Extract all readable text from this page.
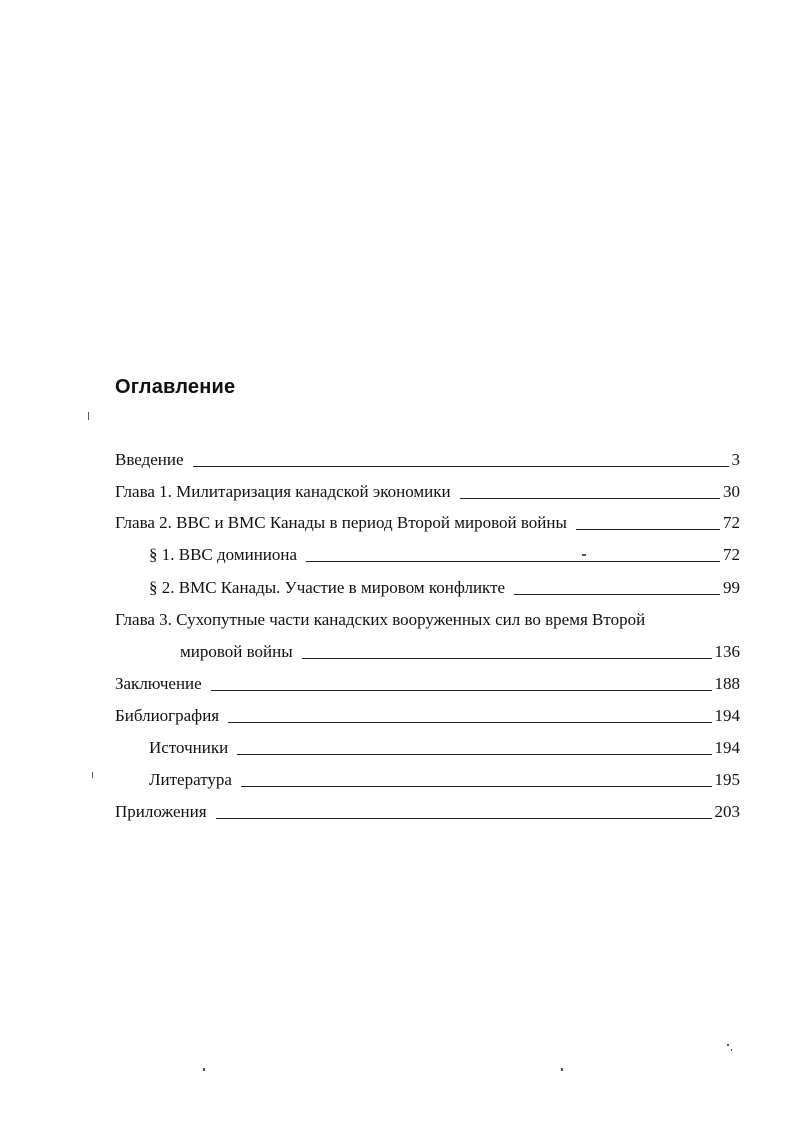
Оглавление
Введение	3
Глава 1. Милитаризация канадской экономики	30
Глава 2. ВВС и ВМС Канады в период Второй мировой войны	72
§ 1. ВВС доминиона	72
§ 2. ВМС Канады. Участие в мировом конфликте	99
Глава 3. Сухопутные части канадских вооруженных сил во время Второй
мировой войны	136
Заключение	188
Библиография	194
Источники	194
Литература	195
Приложения	203
